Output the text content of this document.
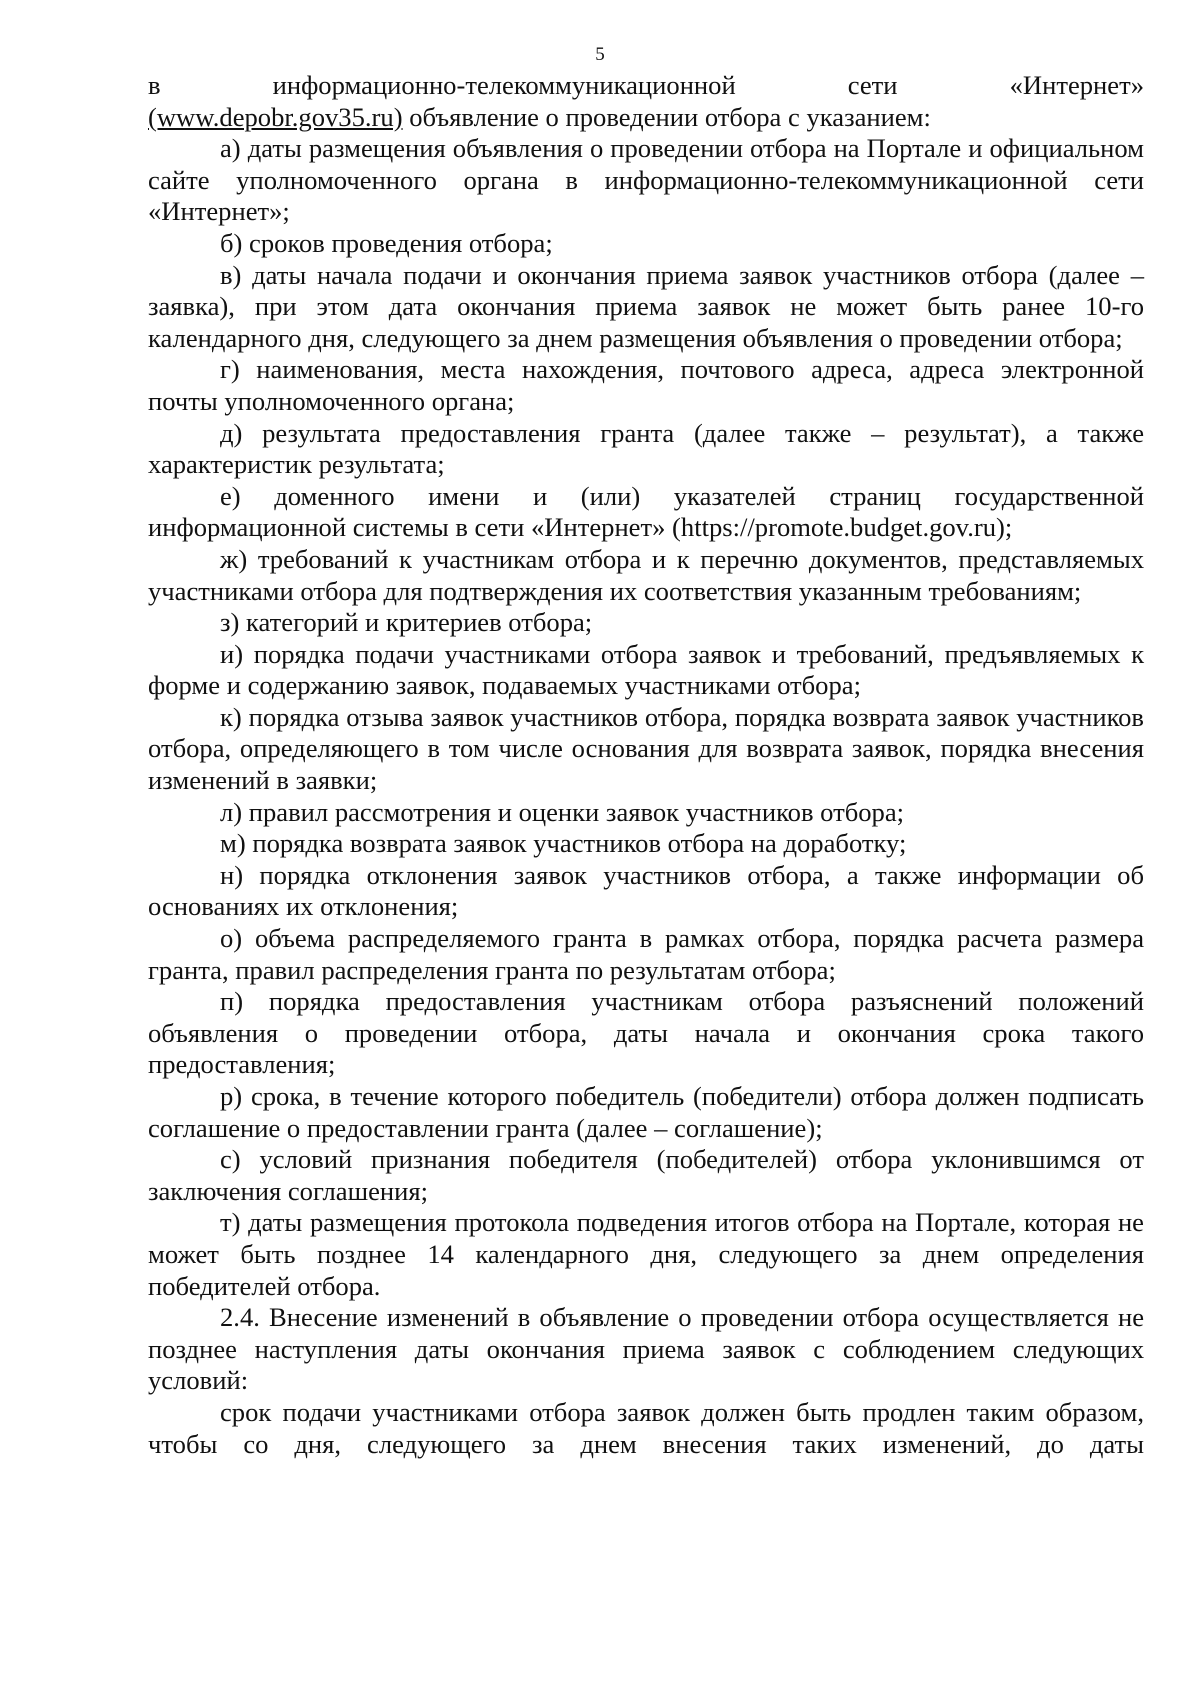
5

в информационно-телекоммуникационной сети «Интернет»

(www.depobr.gov35.ru) объявление о проведении отбора с указанием:

а) даты размещения объявления о проведении отбора на Портале и официальном сайте уполномоченного органа в информационно-телекоммуникационной сети «Интернет»;

б) сроков проведения отбора;

в) даты начала подачи и окончания приема заявок участников отбора (далее – заявка), при этом дата окончания приема заявок не может быть ранее 10-го календарного дня, следующего за днем размещения объявления о проведении отбора;

г) наименования, места нахождения, почтового адреса, адреса электронной почты уполномоченного органа;

д) результата предоставления гранта (далее также – результат), а также характеристик результата;

е) доменного имени и (или) указателей страниц государственной информационной системы в сети «Интернет» (https://promote.budget.gov.ru);

ж) требований к участникам отбора и к перечню документов, представляемых участниками отбора для подтверждения их соответствия указанным требованиям;

з) категорий и критериев отбора;

и) порядка подачи участниками отбора заявок и требований, предъявляемых к форме и содержанию заявок, подаваемых участниками отбора;

к) порядка отзыва заявок участников отбора, порядка возврата заявок участников отбора, определяющего в том числе основания для возврата заявок, порядка внесения изменений в заявки;

л) правил рассмотрения и оценки заявок участников отбора;

м) порядка возврата заявок участников отбора на доработку;

н) порядка отклонения заявок участников отбора, а также информации об основаниях их отклонения;

о) объема распределяемого гранта в рамках отбора, порядка расчета размера гранта, правил распределения гранта по результатам отбора;

п) порядка предоставления участникам отбора разъяснений положений объявления о проведении отбора, даты начала и окончания срока такого предоставления;

р) срока, в течение которого победитель (победители) отбора должен подписать соглашение о предоставлении гранта (далее – соглашение);

с) условий признания победителя (победителей) отбора уклонившимся от заключения соглашения;

т) даты размещения протокола подведения итогов отбора на Портале, которая не может быть позднее 14 календарного дня, следующего за днем определения победителей отбора.

2.4. Внесение изменений в объявление о проведении отбора осуществляется не позднее наступления даты окончания приема заявок с соблюдением следующих условий:

срок подачи участниками отбора заявок должен быть продлен таким образом, чтобы со дня, следующего за днем внесения таких изменений, до даты
